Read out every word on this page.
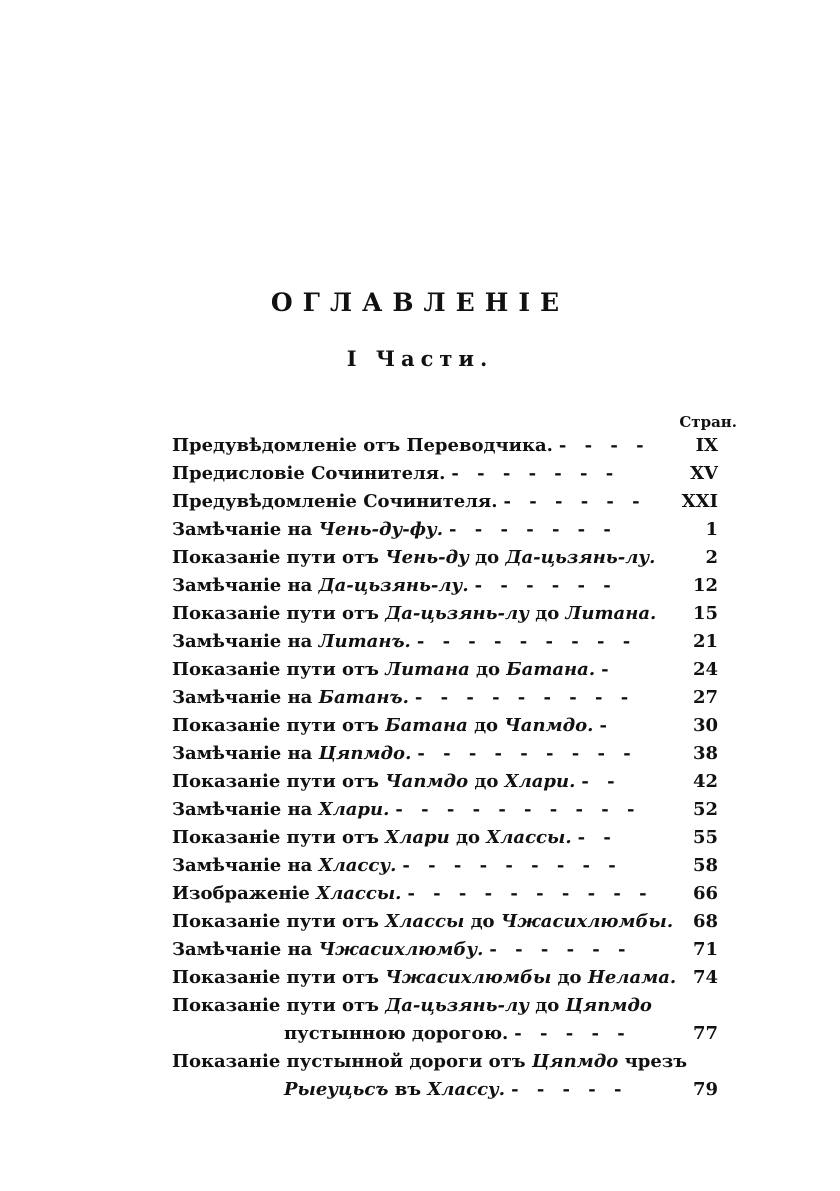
ОГЛАВЛЕНІЕ
I Части.
Стран.
Предувѣдомленіе отъ Переводчика. - - - -	IX
Предисловіе Сочинителя. - - - - - - -	XV
Предувѣдомленіе Сочинителя. - - - - - -	XXI
Замѣчаніе на Чень-ду-фу. - - - - - - -	1
Показаніе пути отъ Чень-ду до Да-цьзянь-лу.	2
Замѣчаніе на Да-цьзянь-лу. - - - - - -	12
Показаніе пути отъ Да-цьзянь-лу до Литана.	15
Замѣчаніе на Литанъ. - - - - - - - - -	21
Показаніе пути отъ Литана до Батана. -	24
Замѣчаніе на Батанъ. - - - - - - - - -	27
Показаніе пути отъ Батана до Чапмдо. -	30
Замѣчаніе на Цяпмдо. - - - - - - - - -	38
Показаніе пути отъ Чапмдо до Хлари. - -	42
Замѣчаніе на Хлари. - - - - - - - - - -	52
Показаніе пути отъ Хлари до Хлассы. - -	55
Замѣчаніе на Хлассу. - - - - - - - - -	58
Изображеніе Хлассы. - - - - - - - - - -	66
Показаніе пути отъ Хлассы до Чжасихлюмбы.	68
Замѣчаніе на Чжасихлюмбу. - - - - - -	71
Показаніе пути отъ Чжасихлюмбы до Нелама. 74
Показаніе пути отъ Да-цьзянь-лу до Цяпмдо
пустынною дорогою. - - - - -	77
Показаніе пустынной дороги отъ Цяпмдо чрезъ
Рыеуцьсъ въ Хлассу. - - - - -	79
